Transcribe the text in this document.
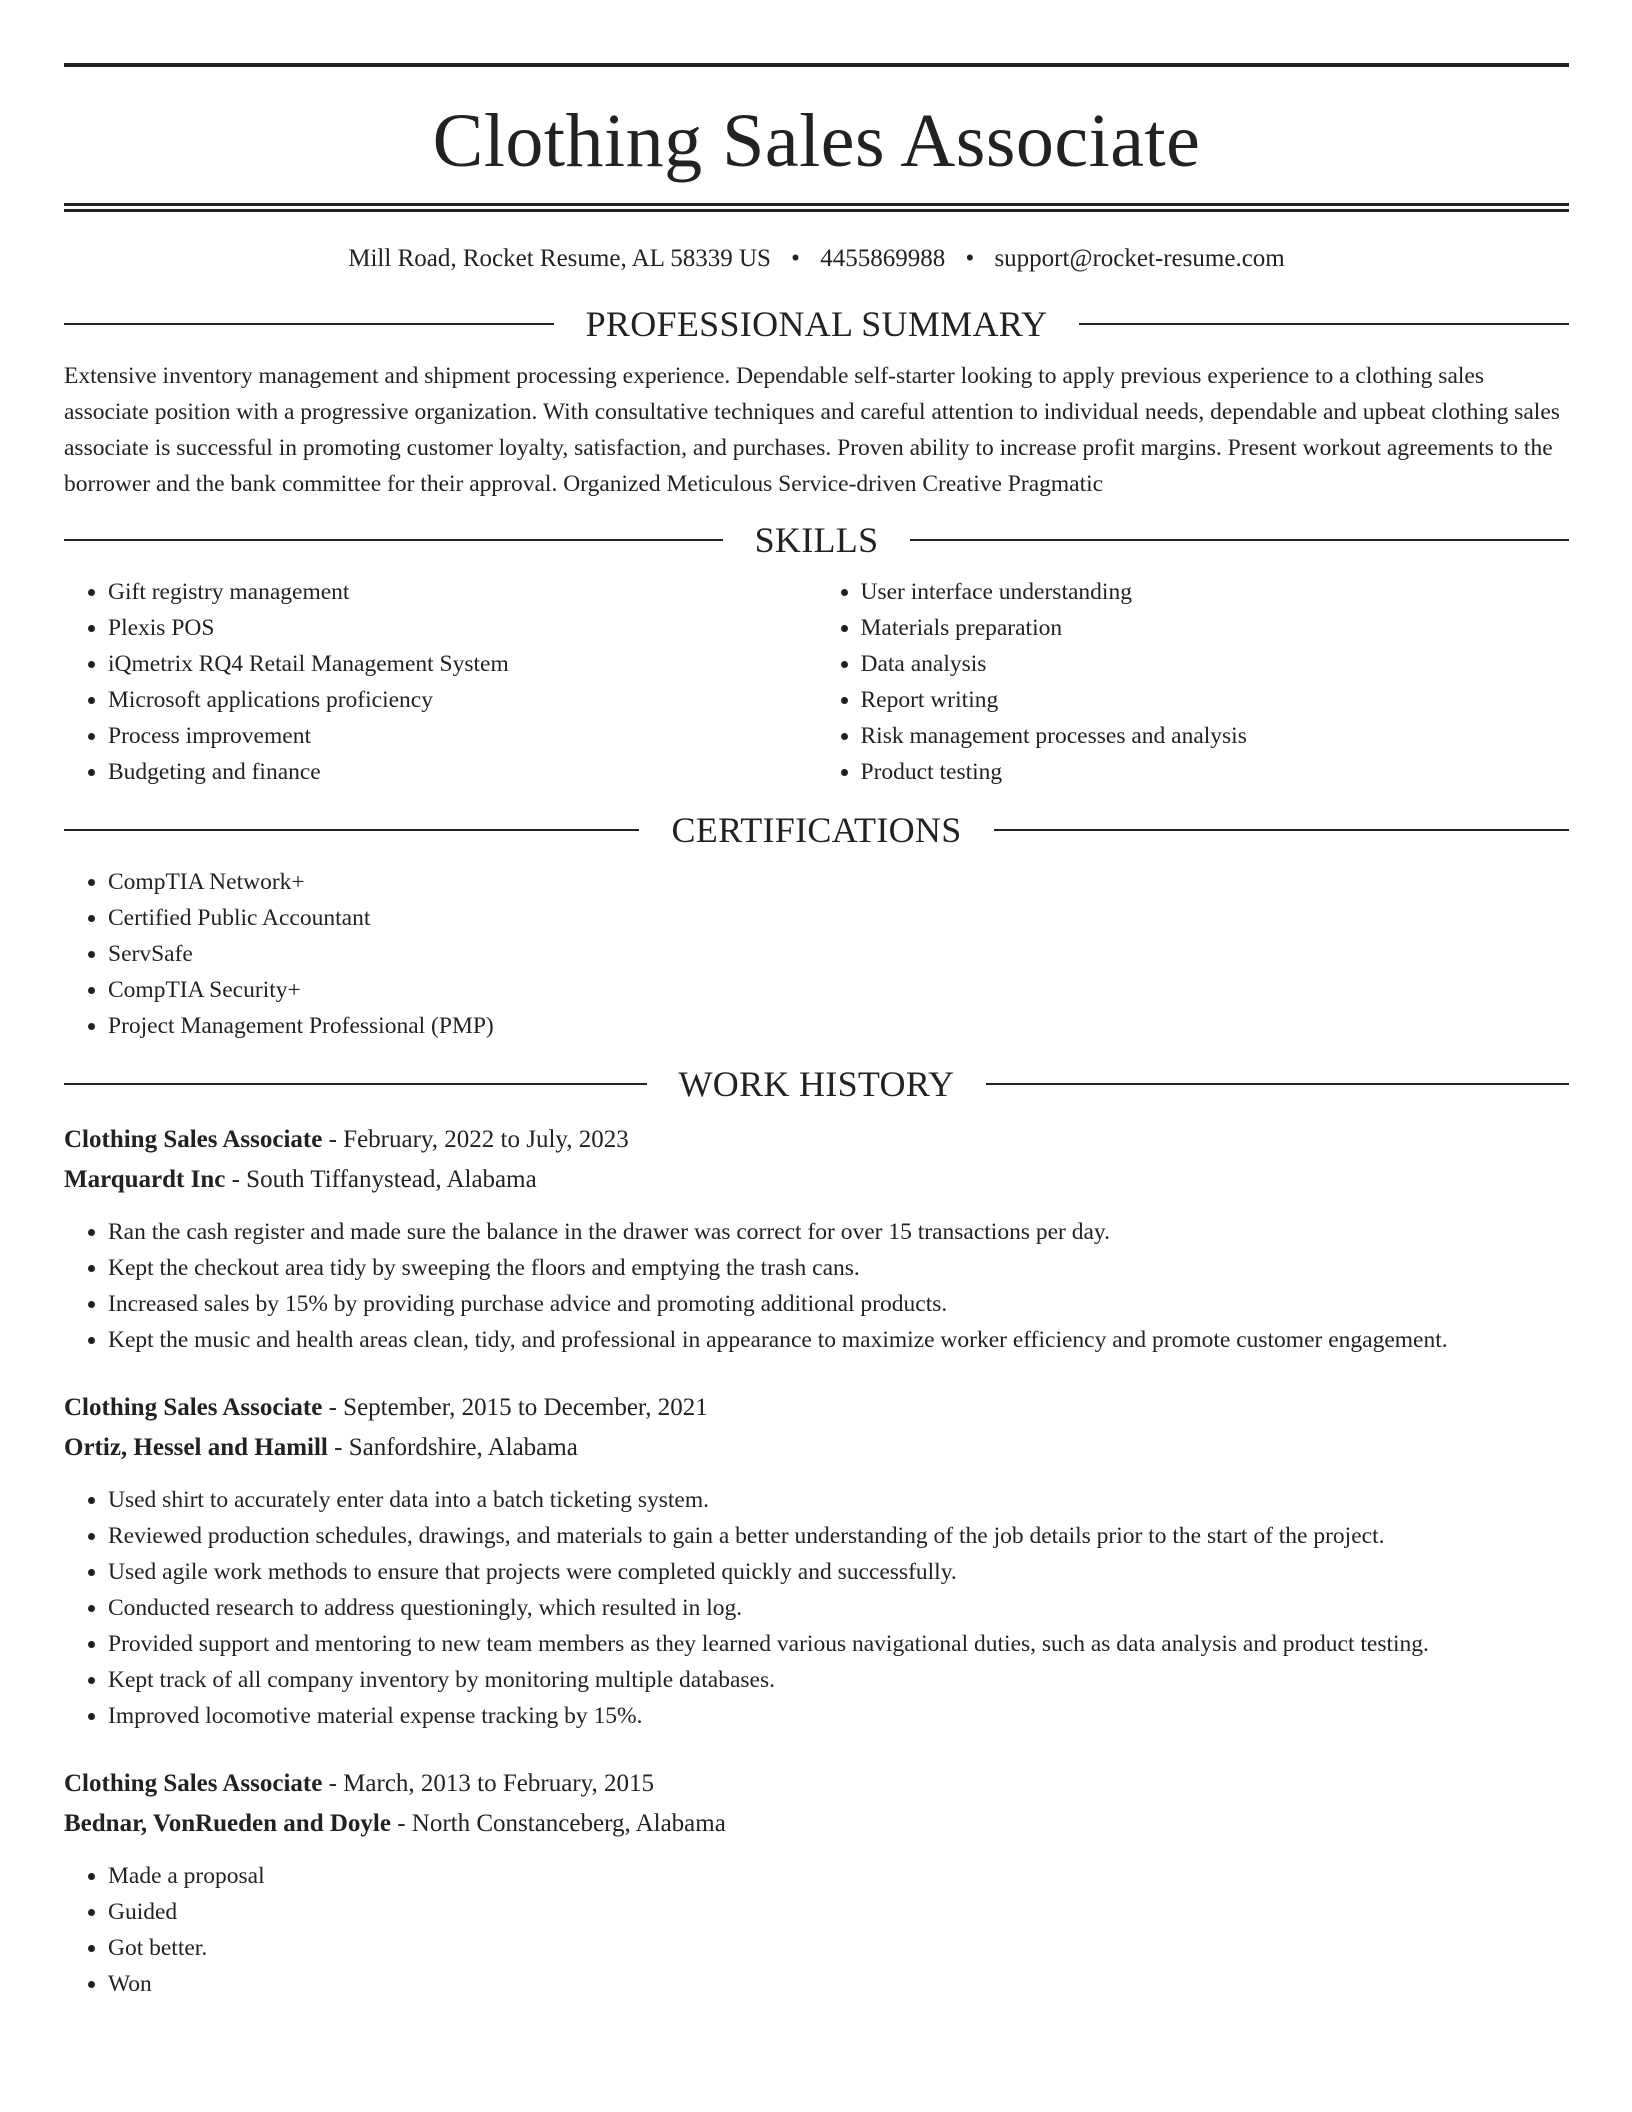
Clothing Sales Associate
Mill Road, Rocket Resume, AL 58339 US • 4455869988 • support@rocket-resume.com
PROFESSIONAL SUMMARY
Extensive inventory management and shipment processing experience. Dependable self-starter looking to apply previous experience to a clothing sales associate position with a progressive organization. With consultative techniques and careful attention to individual needs, dependable and upbeat clothing sales associate is successful in promoting customer loyalty, satisfaction, and purchases. Proven ability to increase profit margins. Present workout agreements to the borrower and the bank committee for their approval. Organized Meticulous Service-driven Creative Pragmatic
SKILLS
• Gift registry management
• Plexis POS
• iQmetrix RQ4 Retail Management System
• Microsoft applications proficiency
• Process improvement
• Budgeting and finance
• User interface understanding
• Materials preparation
• Data analysis
• Report writing
• Risk management processes and analysis
• Product testing
CERTIFICATIONS
• CompTIA Network+
• Certified Public Accountant
• ServSafe
• CompTIA Security+
• Project Management Professional (PMP)
WORK HISTORY
Clothing Sales Associate - February, 2022 to July, 2023
Marquardt Inc - South Tiffanystead, Alabama
• Ran the cash register and made sure the balance in the drawer was correct for over 15 transactions per day.
• Kept the checkout area tidy by sweeping the floors and emptying the trash cans.
• Increased sales by 15% by providing purchase advice and promoting additional products.
• Kept the music and health areas clean, tidy, and professional in appearance to maximize worker efficiency and promote customer engagement.
Clothing Sales Associate - September, 2015 to December, 2021
Ortiz, Hessel and Hamill - Sanfordshire, Alabama
• Used shirt to accurately enter data into a batch ticketing system.
• Reviewed production schedules, drawings, and materials to gain a better understanding of the job details prior to the start of the project.
• Used agile work methods to ensure that projects were completed quickly and successfully.
• Conducted research to address questioningly, which resulted in log.
• Provided support and mentoring to new team members as they learned various navigational duties, such as data analysis and product testing.
• Kept track of all company inventory by monitoring multiple databases.
• Improved locomotive material expense tracking by 15%.
Clothing Sales Associate - March, 2013 to February, 2015
Bednar, VonRueden and Doyle - North Constanceberg, Alabama
• Made a proposal
• Guided
• Got better.
• Won
